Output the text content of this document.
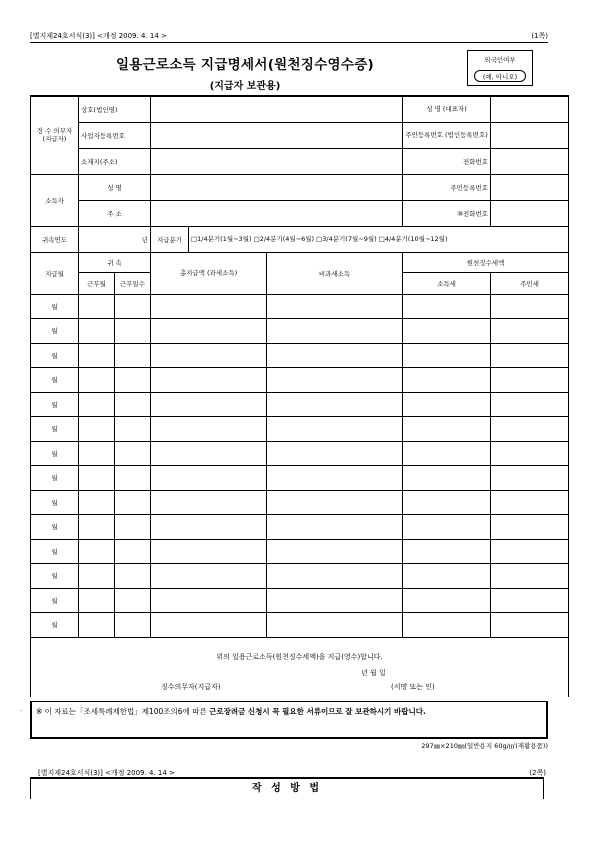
[별지제24호서식(3)] <개정 2009. 4. 14 >	(1쪽)
일용근로소득 지급명세서(원천징수영수증)
(지급자 보관용)
외국인여부
(예, 아니오)
징 수 의무자 (지급자)	상호(법인명)					성 명 (대표자)	
	사업자등록번호					주민등록번호 (법인등록번호)	
	소재지(주소)					전화번호	
소득자	성 명					주민등록번호	
	주 소					⑩전화번호	
귀속연도	년		지급분기	□1/4분기(1월∼3월) □2/4분기(4월∼6월) □3/4분기(7월∼9월) □4/4분기(10월∼12월)			
지급월	귀 속		총지급액 (과세소득)		비과세소득	원천징수세액	
	근무월	근무일수				소득세	주민세
월				

월				

월				

월				

월				

월				

월				

월				

월				

월				

월				

월				

월				

월				

위의 일용근로소득(원천징수세액)을 지급(영수)합니다.
년 월 일
징수의무자(지급자) (서명 또는 인)							
·	※ 이 자료는「조세특례제한법」제100조의6에 따른 근로장려금 신청시 꼭 필요한 서류이므로 잘 보관하시기 바랍니다.
297㎜×210㎜(일반용지 60g/㎡(재활용품))
[별지제24호서식(3)] <개정 2009. 4. 14 >	(2쪽)
작 성 방 법
